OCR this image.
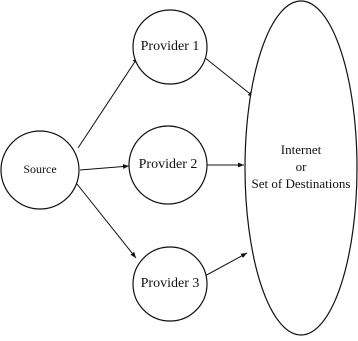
Source
Provider 1
Provider 2
Provider 3
Internet
or
Set of Destinations
